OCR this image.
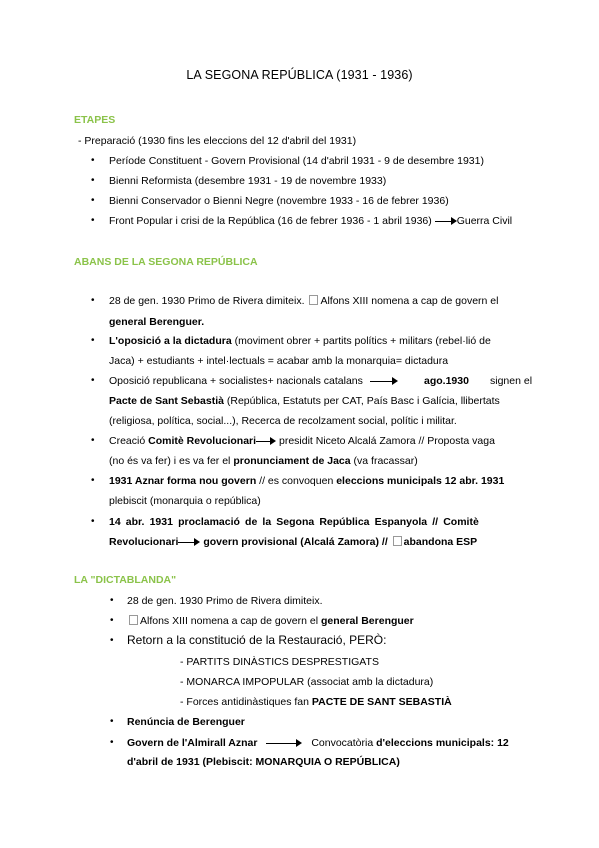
LA SEGONA REPÚBLICA (1931 - 1936)
ETAPES
- Preparació (1930 fins les eleccions del 12 d'abril del 1931)
• Període Constituent - Govern Provisional (14 d'abril 1931 - 9 de desembre 1931)
• Bienni Reformista (desembre 1931 - 19 de novembre 1933)
• Bienni Conservador o Bienni Negre (novembre 1933 - 16 de febrer 1936)
• Front Popular i crisi de la República (16 de febrer 1936 - 1 abril 1936) Guerra Civil
ABANS DE LA SEGONA REPÚBLICA
• 28 de gen. 1930 Primo de Rivera dimiteix. Alfons XIII nomena a cap de govern el
general Berenguer.
• L'oposició a la dictadura (moviment obrer + partits polítics + militars (rebel·lió de
Jaca) + estudiants + intel·lectuals = acabar amb la monarquia= dictadura
• Oposició republicana + socialistes+ nacionals catalans	ago.1930 signen el
Pacte de Sant Sebastià (República, Estatuts per CAT, País Basc i Galícia, llibertats
(religiosa, política, social...), Recerca de recolzament social, polític i militar.
• Creació Comitè Revolucionari presidit Niceto Alcalá Zamora // Proposta vaga
(no és va fer) i es va fer el pronunciament de Jaca (va fracassar)
• 1931 Aznar forma nou govern // es convoquen eleccions municipals 12 abr. 1931
plebiscit (monarquia o república)
• 14 abr. 1931 proclamació de la Segona República Espanyola // Comitè
Revolucionari govern provisional (Alcalá Zamora) // abandona ESP
LA "DICTABLANDA"
• 28 de gen. 1930 Primo de Rivera dimiteix.
•	Alfons XIII nomena a cap de govern el general Berenguer
• Retorn a la constitució de la Restauració, PERÒ:
- PARTITS DINÀSTICS DESPRESTIGATS
- MONARCA IMPOPULAR (associat amb la dictadura)
- Forces antidinàstiques fan PACTE DE SANT SEBASTIÀ
• Renúncia de Berenguer
• Govern de l'Almirall Aznar	Convocatòria d'eleccions municipals: 12
d'abril de 1931 (Plebiscit: MONARQUIA O REPÚBLICA)
